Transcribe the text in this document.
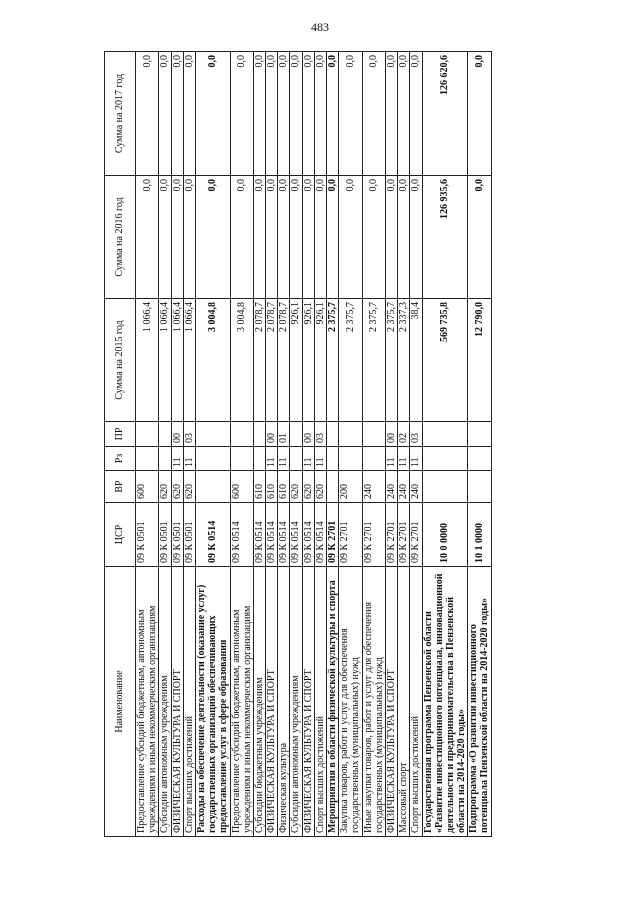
483
Наименование	ЦСР	ВР	Рз	ПР	Сумма на 2015 год	Сумма на 2016 год	Сумма на 2017 год
Предоставление субсидий бюджетным, автономным учреждениям и иным некоммерческим организациям	09 К 0501	600			1 066,4	0,0	0,0
Субсидии автономным учреждениям	09 К 0501	620			1 066,4	0,0	0,0
ФИЗИЧЕСКАЯ КУЛЬТУРА И СПОРТ	09 К 0501	620	11	00	1 066,4	0,0	0,0
Спорт высших достижений	09 К 0501	620	11	03	1 066,4	0,0	0,0
Расходы на обеспечение деятельности (оказание услуг) государственных организаций обеспечивающих предоставление услуг в сфере образования	09 К 0514				3 004,8	0,0	0,0
Предоставление субсидий бюджетным, автономным учреждениям и иным некоммерческим организациям	09 К 0514	600			3 004,8	0,0	0,0
Субсидии бюджетным учреждениям	09 К 0514	610			2 078,7	0,0	0,0
ФИЗИЧЕСКАЯ КУЛЬТУРА И СПОРТ	09 К 0514	610	11	00	2 078,7	0,0	0,0
Физическая культура	09 К 0514	610	11	01	2 078,7	0,0	0,0
Субсидии автономным учреждениям	09 К 0514	620			926,1	0,0	0,0
ФИЗИЧЕСКАЯ КУЛЬТУРА И СПОРТ	09 К 0514	620	11	00	926,1	0,0	0,0
Спорт высших достижений	09 К 0514	620	11	03	926,1	0,0	0,0
Мероприятия в области физической культуры и спорта	09 К 2701				2 375,7	0,0	0,0
Закупка товаров, работ и услуг для обеспечения государственных (муниципальных) нужд	09 К 2701	200			2 375,7	0,0	0,0
Иные закупки товаров, работ и услуг для обеспечения государственных (муниципальных) нужд	09 К 2701	240			2 375,7	0,0	0,0
ФИЗИЧЕСКАЯ КУЛЬТУРА И СПОРТ	09 К 2701	240	11	00	2 375,7	0,0	0,0
Массовый спорт	09 К 2701	240	11	02	2 337,3	0,0	0,0
Спорт высших достижений	09 К 2701	240	11	03	38,4	0,0	0,0
Государственная программа Пензенской области «Развитие инвестиционного потенциала, инновационной деятельности и предпринимательства в Пензенской области на 2014-2020 годы»	10 0 0000				569 735,8	126 935,6	126 620,6
Подпрограмма «О развитии инвестиционного потенциала Пензенской области на 2014-2020 годы»	10 1 0000				12 790,0	0,0	0,0
